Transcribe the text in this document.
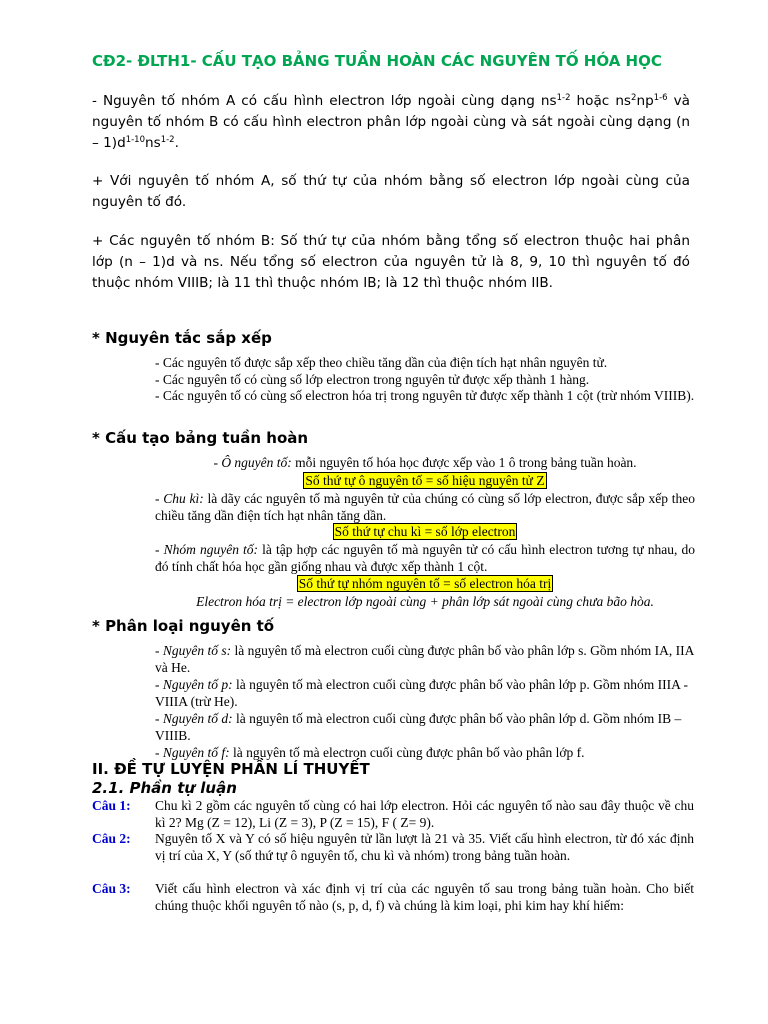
CĐ2- ĐLTH1- CẤU TẠO BẢNG TUẦN HOÀN CÁC NGUYÊN TỐ HÓA HỌC

- Nguyên tố nhóm A có cấu hình electron lớp ngoài cùng dạng $ns^{1-2}$ hoặc $ns^2np^{1-6}$ và nguyên tố nhóm B có cấu hình electron phân lớp ngoài cùng và sát ngoài cùng dạng $(n - 1)d^{1-10}ns^{1-2}$.

+ Với nguyên tố nhóm A, số thứ tự của nhóm bằng số electron lớp ngoài cùng của nguyên tố đó.

+ Các nguyên tố nhóm B: Số thứ tự của nhóm bằng tổng số electron thuộc hai phân lớp (n – 1)d và ns. Nếu tổng số electron của nguyên tử là 8, 9, 10 thì nguyên tố đó thuộc nhóm VIIIB; là 11 thì thuộc nhóm IB; là 12 thì thuộc nhóm IIB.

* Nguyên tắc sắp xếp

- Các nguyên tố được sắp xếp theo chiều tăng dần của điện tích hạt nhân nguyên tử.

- Các nguyên tố có cùng số lớp electron trong nguyên tử được xếp thành 1 hàng.

- Các nguyên tố có cùng số electron hóa trị trong nguyên tử được xếp thành 1 cột (trừ nhóm VIIIB).

* Cấu tạo bảng tuần hoàn

- Ô nguyên tố: mỗi nguyên tố hóa học được xếp vào 1 ô trong bảng tuần hoàn.

Số thứ tự ô nguyên tố = số hiệu nguyên tử Z

- Chu kì: là dãy các nguyên tố mà nguyên tử của chúng có cùng số lớp electron, được sắp xếp theo chiều tăng dần điện tích hạt nhân tăng dần.

Số thứ tự chu kì = số lớp electron

- Nhóm nguyên tố: là tập hợp các nguyên tố mà nguyên tử có cấu hình electron tương tự nhau, do đó tính chất hóa học gần giống nhau và được xếp thành 1 cột.

Số thứ tự nhóm nguyên tố = số electron hóa trị

Electron hóa trị = electron lớp ngoài cùng + phân lớp sát ngoài cùng chưa bão hòa.

* Phân loại nguyên tố

- Nguyên tố s: là nguyên tố mà electron cuối cùng được phân bố vào phân lớp s. Gồm nhóm IA, IIA và He.

- Nguyên tố p: là nguyên tố mà electron cuối cùng được phân bố vào phân lớp p. Gồm nhóm IIIA - VIIIA (trừ He).

- Nguyên tố d: là nguyên tố mà electron cuối cùng được phân bố vào phân lớp d. Gồm nhóm IB – VIIIB.

- Nguyên tố f: là nguyên tố mà electron cuối cùng được phân bố vào phân lớp f.

II. ĐỀ TỰ LUYỆN PHẦN LÍ THUYẾT
2.1. Phần tự luận
Câu 1:	Chu kì 2 gồm các nguyên tố cùng có hai lớp electron. Hỏi các nguyên tố nào sau đây thuộc về chu kì 2? Mg (Z = 12), Li (Z = 3), P (Z = 15), F ( Z= 9).
Câu 2:	Nguyên tố X và Y có số hiệu nguyên tử lần lượt là 21 và 35. Viết cấu hình electron, từ đó xác định vị trí của X, Y (số thứ tự ô nguyên tố, chu kì và nhóm) trong bảng tuần hoàn.
Câu 3:	Viết cấu hình electron và xác định vị trí của các nguyên tố sau trong bảng tuần hoàn. Cho biết chúng thuộc khối nguyên tố nào (s, p, d, f) và chúng là kim loại, phi kim hay khí hiếm:
